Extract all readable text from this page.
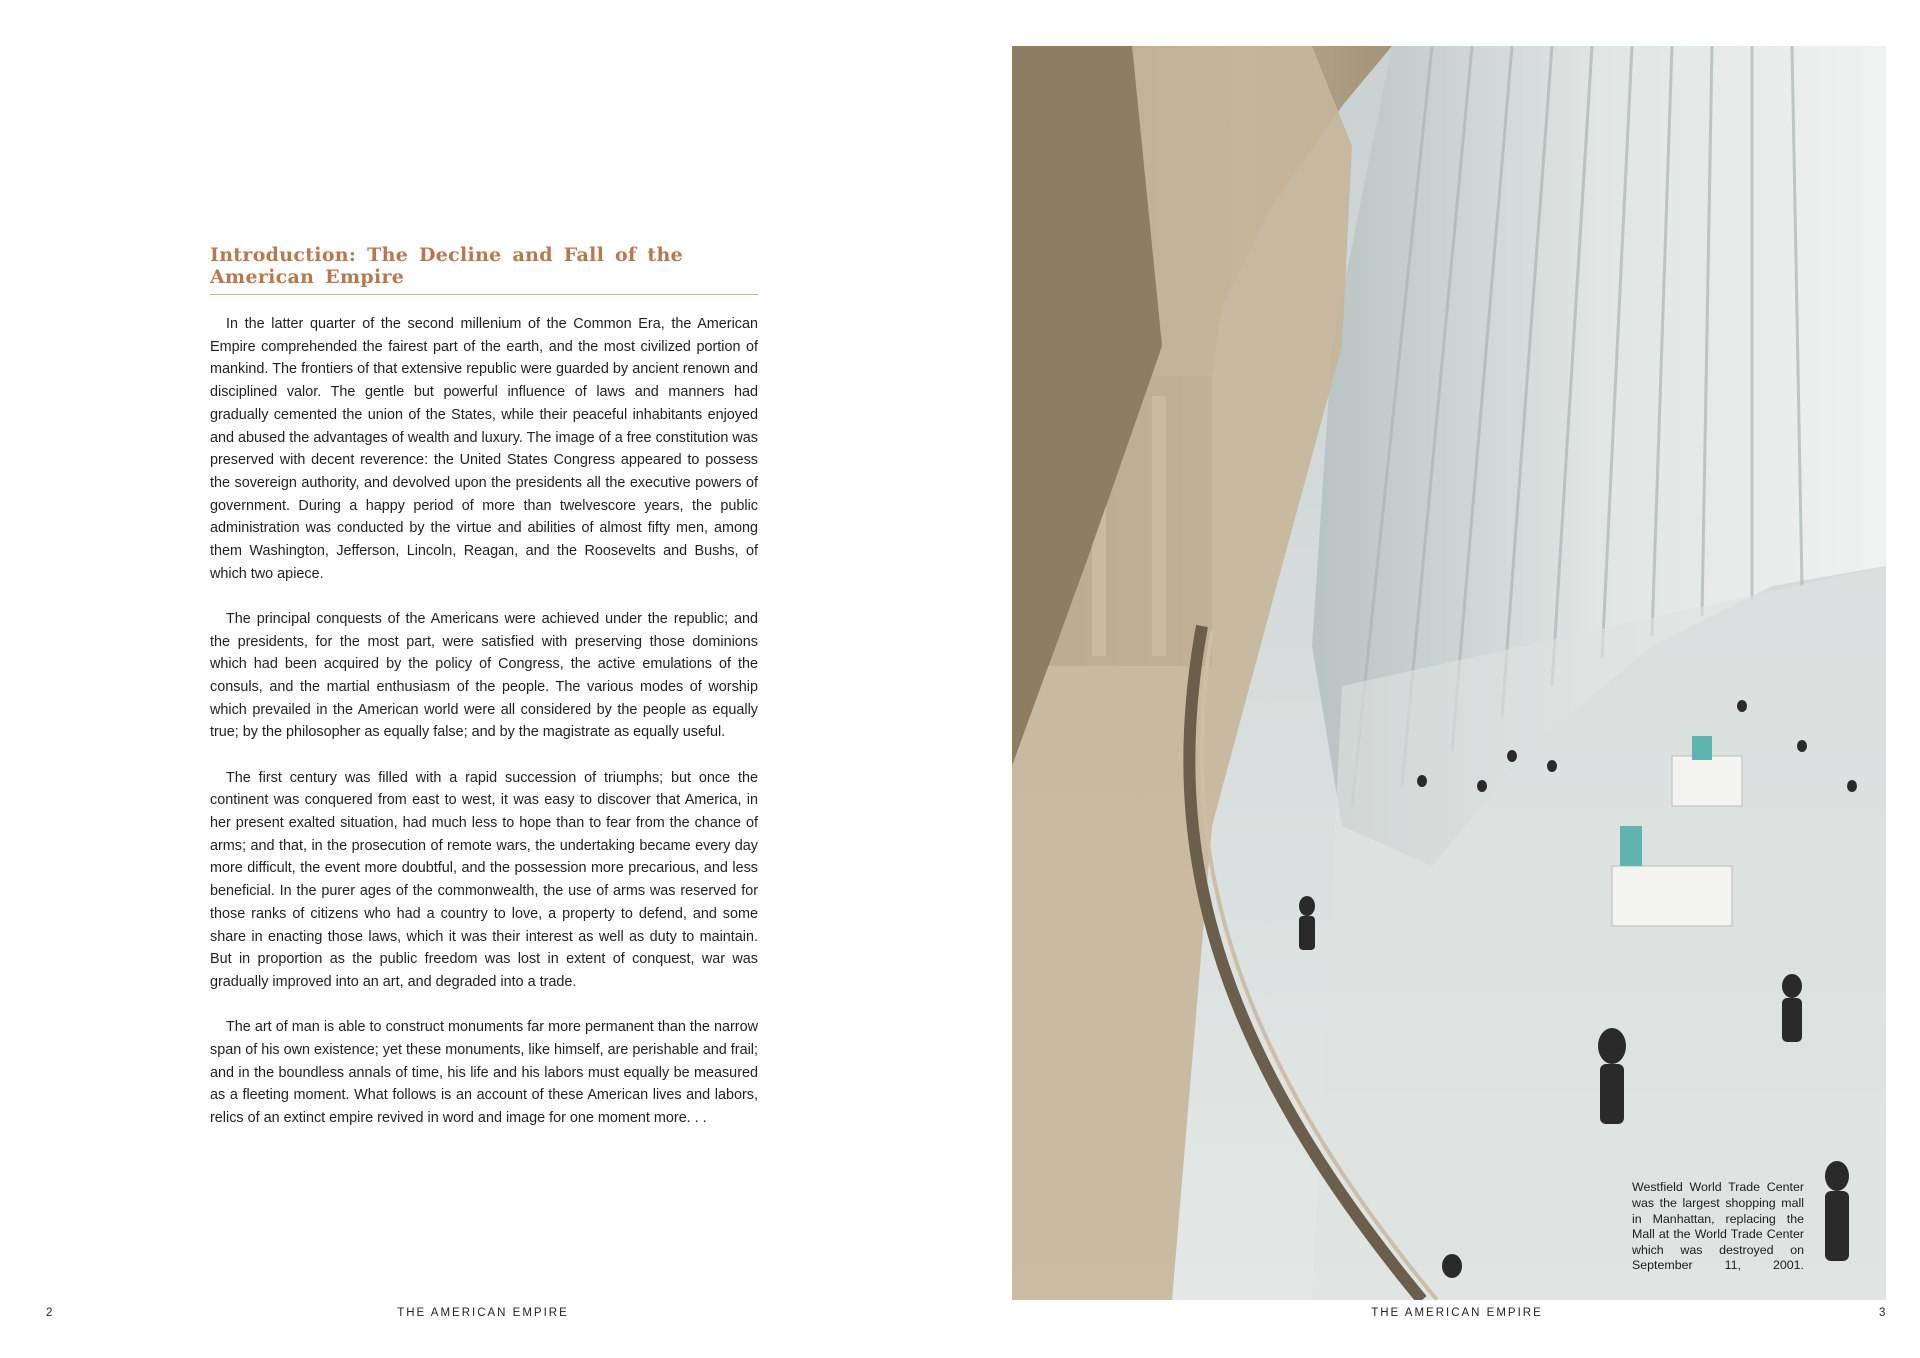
Introduction: The Decline and Fall of the American Empire

In the latter quarter of the second millenium of the Common Era, the American Empire comprehended the fairest part of the earth, and the most civilized portion of mankind. The frontiers of that extensive republic were guarded by ancient renown and disciplined valor. The gentle but powerful influence of laws and manners had gradually cemented the union of the States, while their peaceful inhabitants enjoyed and abused the advantages of wealth and luxury. The image of a free constitution was preserved with decent reverence: the United States Congress appeared to possess the sovereign authority, and devolved upon the presidents all the executive powers of government. During a happy period of more than twelvescore years, the public administration was conducted by the virtue and abilities of almost fifty men, among them Washington, Jefferson, Lincoln, Reagan, and the Roosevelts and Bushs, of which two apiece.

The principal conquests of the Americans were achieved under the republic; and the presidents, for the most part, were satisfied with preserving those dominions which had been acquired by the policy of Congress, the active emulations of the consuls, and the martial enthusiasm of the people. The various modes of worship which prevailed in the American world were all considered by the people as equally true; by the philosopher as equally false; and by the magistrate as equally useful.

The first century was filled with a rapid succession of triumphs; but once the continent was conquered from east to west, it was easy to discover that America, in her present exalted situation, had much less to hope than to fear from the chance of arms; and that, in the prosecution of remote wars, the undertaking became every day more difficult, the event more doubtful, and the possession more precarious, and less beneficial. In the purer ages of the commonwealth, the use of arms was reserved for those ranks of citizens who had a country to love, a property to defend, and some share in enacting those laws, which it was their interest as well as duty to maintain. But in proportion as the public freedom was lost in extent of conquest, war was gradually improved into an art, and degraded into a trade.

The art of man is able to construct monuments far more permanent than the narrow span of his own existence; yet these monuments, like himself, are perishable and frail; and in the boundless annals of time, his life and his labors must equally be measured as a fleeting moment. What follows is an account of these American lives and labors, relics of an extinct empire revived in word and image for one moment more. . .

2	THE AMERICAN EMPIRE	THE AMERICAN EMPIRE	3
Westfield World Trade Center was the largest shopping mall in Manhattan, replacing the Mall at the World Trade Center which was destroyed on September 11, 2001.
